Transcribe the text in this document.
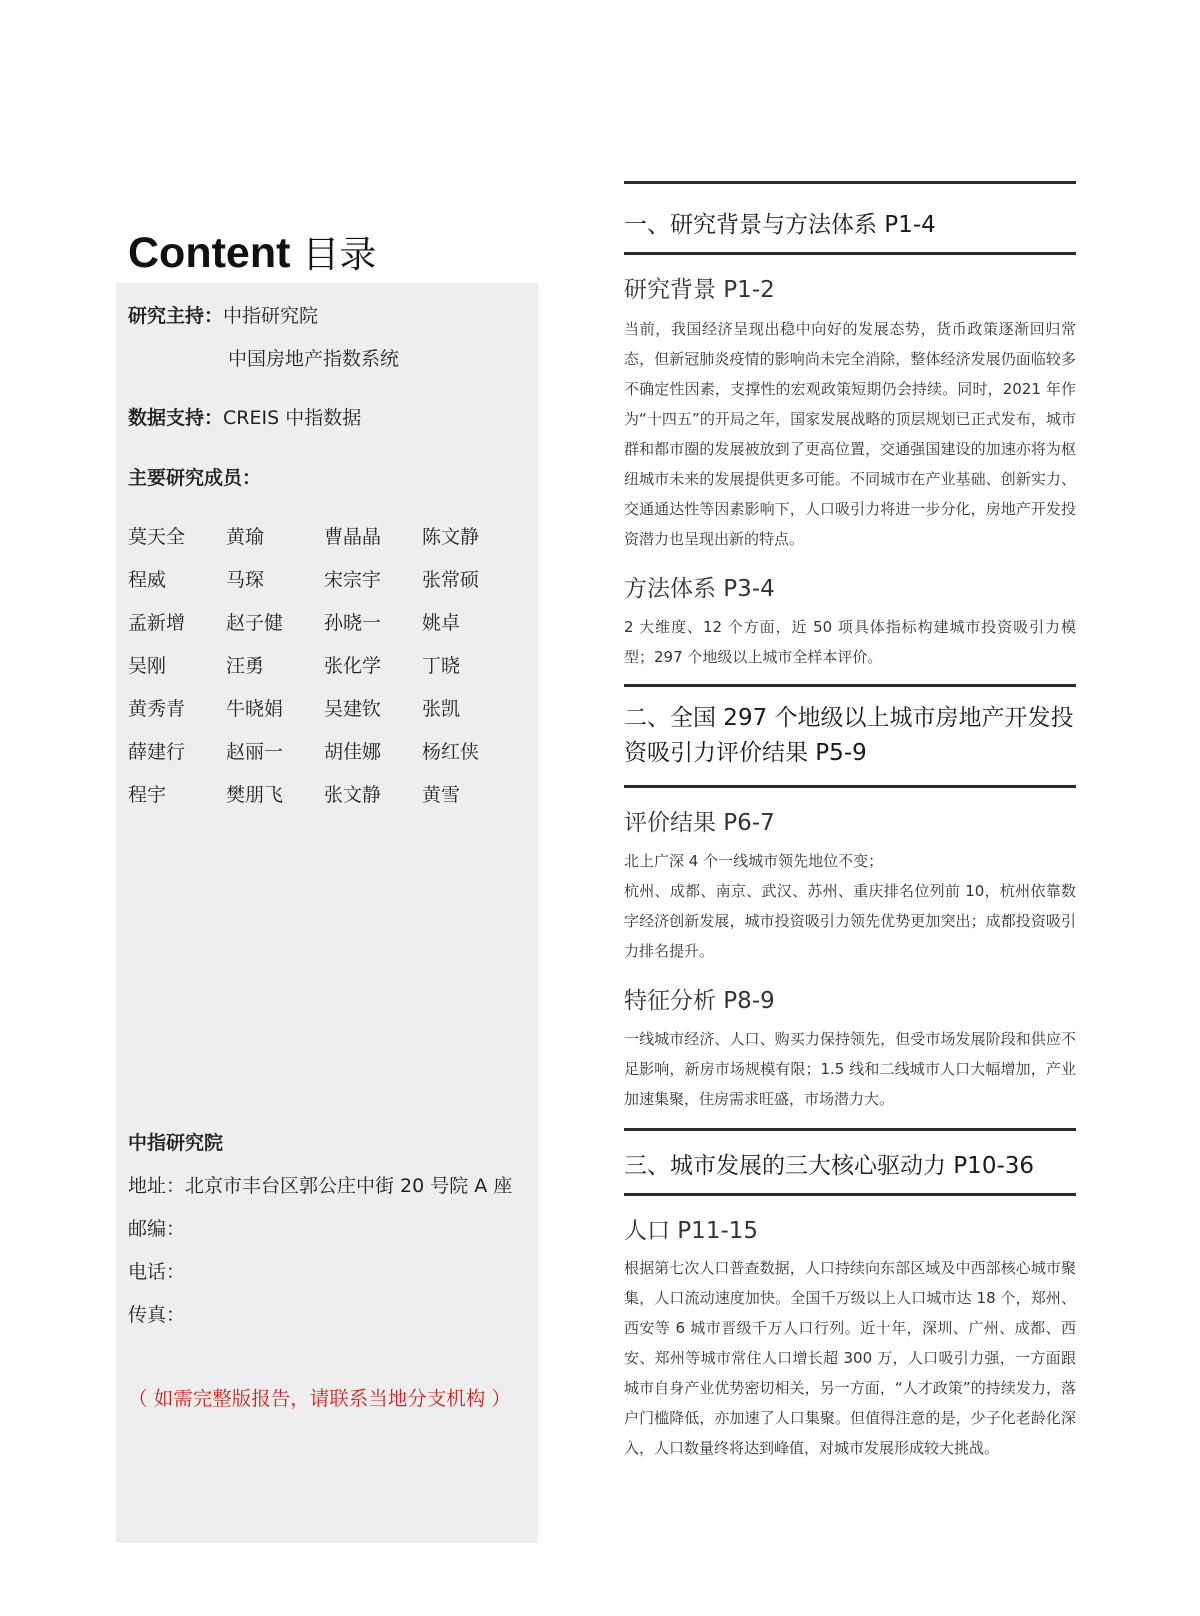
Content 目录
研究主持：中指研究院
中国房地产指数系统
数据支持：CREIS 中指数据
主要研究成员：
莫天全	黄瑜	曹晶晶	陈文静
程威	马琛	宋宗宇	张常硕
孟新增	赵子健	孙晓一	姚卓
吴刚	汪勇	张化学	丁晓
黄秀青	牛晓娟	吴建钦	张凯
薛建行	赵丽一	胡佳娜	杨红侠
程宇	樊朋飞	张文静	黄雪
中指研究院
地址：北京市丰台区郭公庄中街 20 号院 A 座
邮编：
电话：
传真：
（ 如需完整版报告，请联系当地分支机构 ）
一、研究背景与方法体系 P1-4
研究背景 P1-2

当前，我国经济呈现出稳中向好的发展态势，货币政策逐渐回归常态，但新冠肺炎疫情的影响尚未完全消除，整体经济发展仍面临较多不确定性因素，支撑性的宏观政策短期仍会持续。同时，2021 年作为“十四五”的开局之年，国家发展战略的顶层规划已正式发布，城市群和都市圈的发展被放到了更高位置，交通强国建设的加速亦将为枢纽城市未来的发展提供更多可能。不同城市在产业基础、创新实力、交通通达性等因素影响下，人口吸引力将进一步分化，房地产开发投资潜力也呈现出新的特点。

方法体系 P3-4

2 大维度、12 个方面，近 50 项具体指标构建城市投资吸引力模型；297 个地级以上城市全样本评价。

二、全国 297 个地级以上城市房地产开发投资吸引力评价结果 P5-9
评价结果 P6-7

北上广深 4 个一线城市领先地位不变；

杭州、成都、南京、武汉、苏州、重庆排名位列前 10，杭州依靠数字经济创新发展，城市投资吸引力领先优势更加突出；成都投资吸引力排名提升。

特征分析 P8-9

一线城市经济、人口、购买力保持领先，但受市场发展阶段和供应不足影响，新房市场规模有限；1.5 线和二线城市人口大幅增加，产业加速集聚，住房需求旺盛，市场潜力大。

三、城市发展的三大核心驱动力 P10-36
人口 P11-15

根据第七次人口普查数据，人口持续向东部区域及中西部核心城市聚集，人口流动速度加快。全国千万级以上人口城市达 18 个，郑州、西安等 6 城市晋级千万人口行列。近十年，深圳、广州、成都、西安、郑州等城市常住人口增长超 300 万，人口吸引力强，一方面跟城市自身产业优势密切相关，另一方面，“人才政策”的持续发力，落户门槛降低，亦加速了人口集聚。但值得注意的是，少子化老龄化深入，人口数量终将达到峰值，对城市发展形成较大挑战。
